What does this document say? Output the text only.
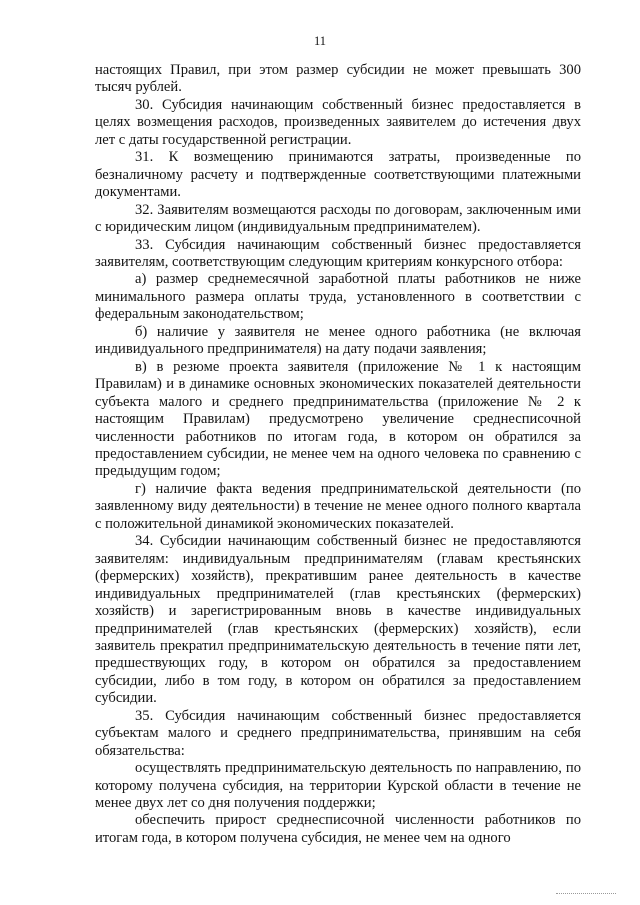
11

настоящих Правил, при этом размер субсидии не может превышать 300 тысяч рублей.

30. Субсидия начинающим собственный бизнес предоставляется в целях возмещения расходов, произведенных заявителем до истечения двух лет с даты государственной регистрации.

31. К возмещению принимаются затраты, произведенные по безналичному расчету и подтвержденные соответствующими платежными документами.

32. Заявителям возмещаются расходы по договорам, заключенным ими с юридическим лицом (индивидуальным предпринимателем).

33. Субсидия начинающим собственный бизнес предоставляется заявителям, соответствующим следующим критериям конкурсного отбора:

а) размер среднемесячной заработной платы работников не ниже минимального размера оплаты труда, установленного в соответствии с федеральным законодательством;

б) наличие у заявителя не менее одного работника (не включая индивидуального предпринимателя) на дату подачи заявления;

в) в резюме проекта заявителя (приложение № 1 к настоящим Правилам) и в динамике основных экономических показателей деятельности субъекта малого и среднего предпринимательства (приложение № 2 к настоящим Правилам) предусмотрено увеличение среднесписочной численности работников по итогам года, в котором он обратился за предоставлением субсидии, не менее чем на одного человека по сравнению с предыдущим годом;

г) наличие факта ведения предпринимательской деятельности (по заявленному виду деятельности) в течение не менее одного полного квартала с положительной динамикой экономических показателей.

34. Субсидии начинающим собственный бизнес не предоставляются заявителям: индивидуальным предпринимателям (главам крестьянских (фермерских) хозяйств), прекратившим ранее деятельность в качестве индивидуальных предпринимателей (глав крестьянских (фермерских) хозяйств) и зарегистрированным вновь в качестве индивидуальных предпринимателей (глав крестьянских (фермерских) хозяйств), если заявитель прекратил предпринимательскую деятельность в течение пяти лет, предшествующих году, в котором он обратился за предоставлением субсидии, либо в том году, в котором он обратился за предоставлением субсидии.

35. Субсидия начинающим собственный бизнес предоставляется субъектам малого и среднего предпринимательства, принявшим на себя обязательства:

осуществлять предпринимательскую деятельность по направлению, по которому получена субсидия, на территории Курской области в течение не менее двух лет со дня получения поддержки;

обеспечить прирост среднесписочной численности работников по итогам года, в котором получена субсидия, не менее чем на одного
